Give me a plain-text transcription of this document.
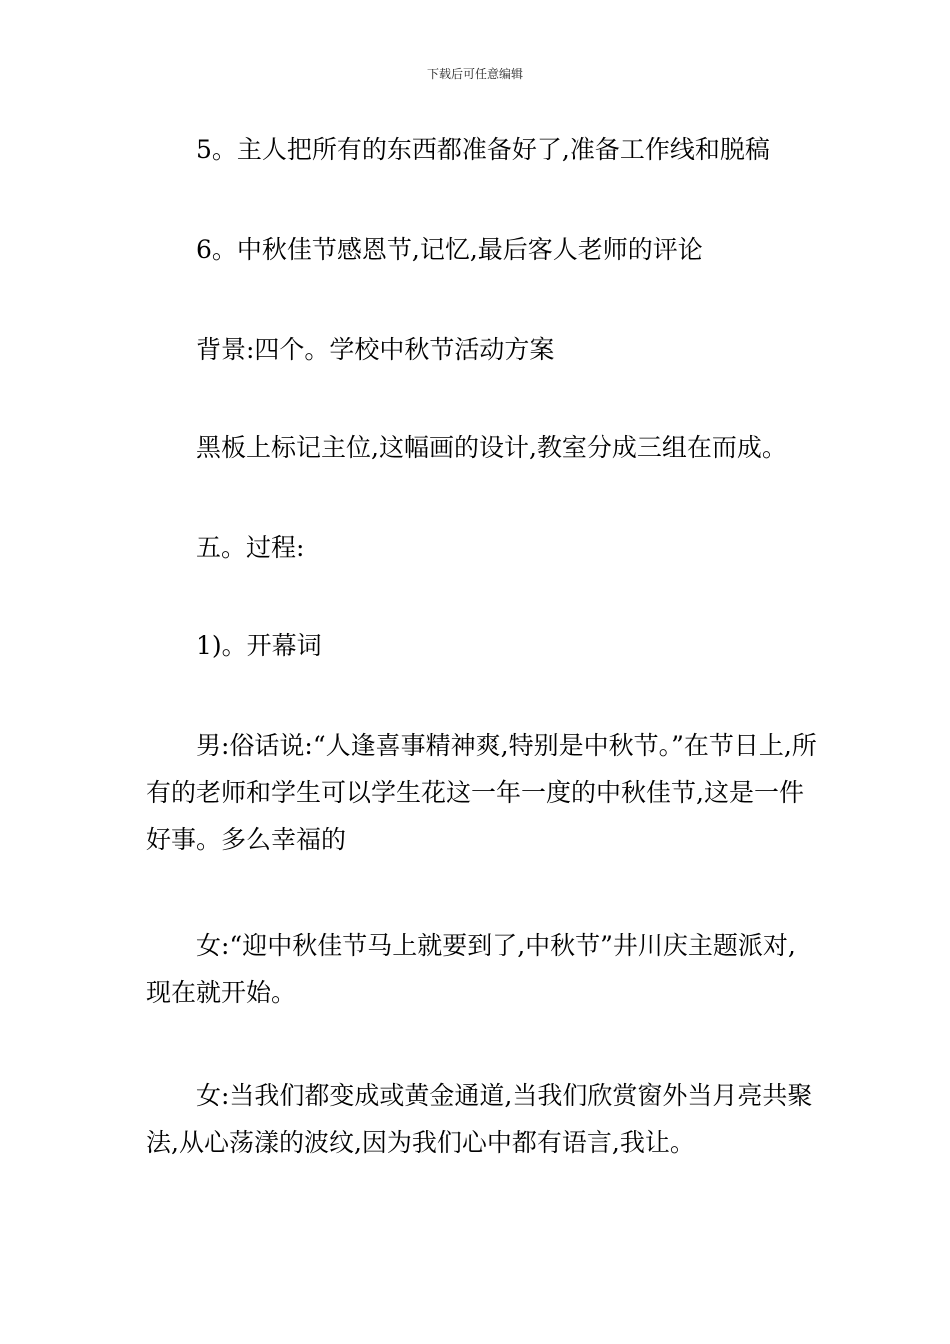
下载后可任意编辑

5。主人把所有的东西都准备好了,准备工作线和脱稿

6。中秋佳节感恩节,记忆,最后客人老师的评论

背景:四个。学校中秋节活动方案

黑板上标记主位,这幅画的设计,教室分成三组在而成。

五。过程:

1)。开幕词

男:俗话说:“人逢喜事精神爽,特别是中秋节。”在节日上,所有的老师和学生可以学生花这一年一度的中秋佳节,这是一件好事。多么幸福的

女:“迎中秋佳节马上就要到了,中秋节”井川庆主题派对,现在就开始。

女:当我们都变成或黄金通道,当我们欣赏窗外当月亮共聚法,从心荡漾的波纹,因为我们心中都有语言,我让。
